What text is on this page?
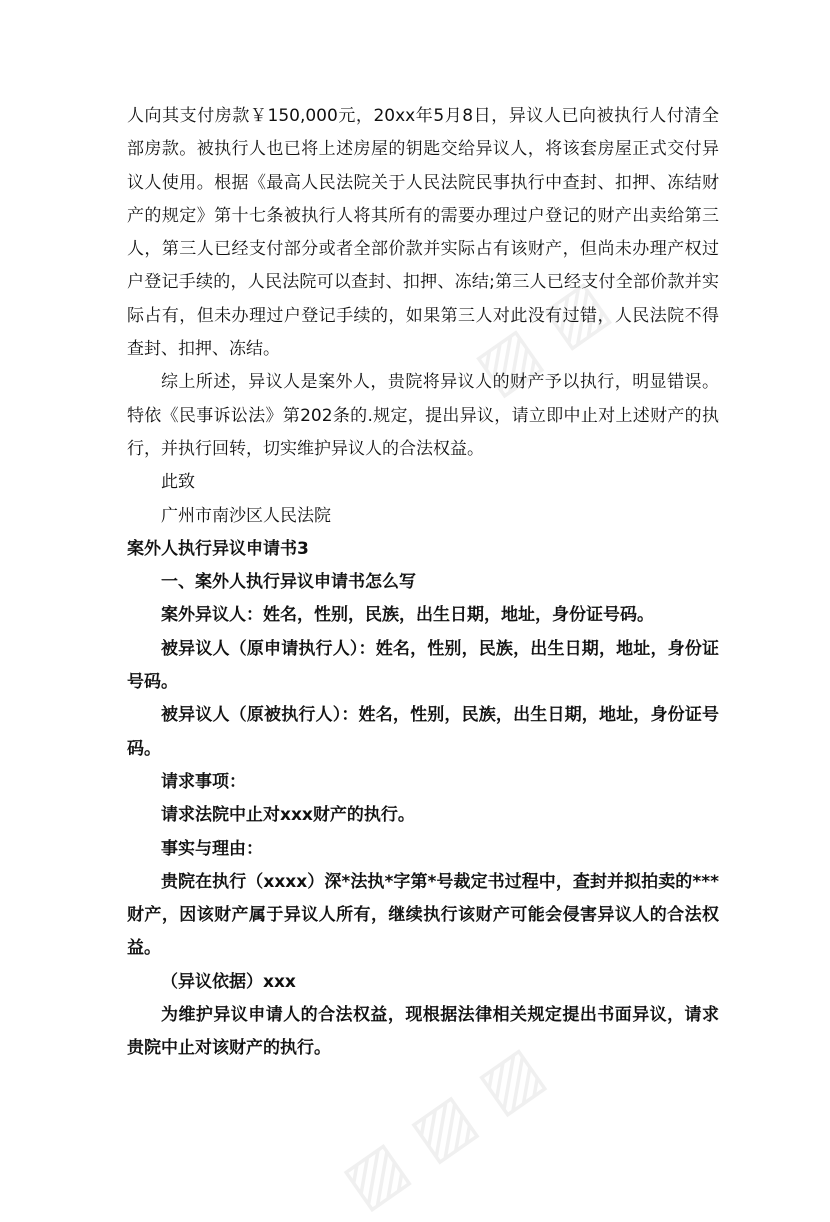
人向其支付房款￥150,000元，20xx年5月8日，异议人已向被执行人付清全部房款。被执行人也已将上述房屋的钥匙交给异议人，将该套房屋正式交付异议人使用。根据《最高人民法院关于人民法院民事执行中查封、扣押、冻结财产的规定》第十七条被执行人将其所有的需要办理过户登记的财产出卖给第三人，第三人已经支付部分或者全部价款并实际占有该财产，但尚未办理产权过户登记手续的，人民法院可以查封、扣押、冻结;第三人已经支付全部价款并实际占有，但未办理过户登记手续的，如果第三人对此没有过错，人民法院不得查封、扣押、冻结。

综上所述，异议人是案外人，贵院将异议人的财产予以执行，明显错误。特依《民事诉讼法》第202条的.规定，提出异议，请立即中止对上述财产的执行，并执行回转，切实维护异议人的合法权益。

此致

广州市南沙区人民法院

案外人执行异议申请书3

一、案外人执行异议申请书怎么写

案外异议人：姓名，性别，民族，出生日期，地址，身份证号码。

被异议人（原申请执行人）：姓名，性别，民族，出生日期，地址，身份证号码。

被异议人（原被执行人）：姓名，性别，民族，出生日期，地址，身份证号码。

请求事项：

请求法院中止对xxx财产的执行。

事实与理由：

贵院在执行（xxxx）深*法执*字第*号裁定书过程中，查封并拟拍卖的***财产，因该财产属于异议人所有，继续执行该财产可能会侵害异议人的合法权益。

（异议依据）xxx

为维护异议申请人的合法权益，现根据法律相关规定提出书面异议，请求贵院中止对该财产的执行。

▨ ▨
▨ ▨ ▨
